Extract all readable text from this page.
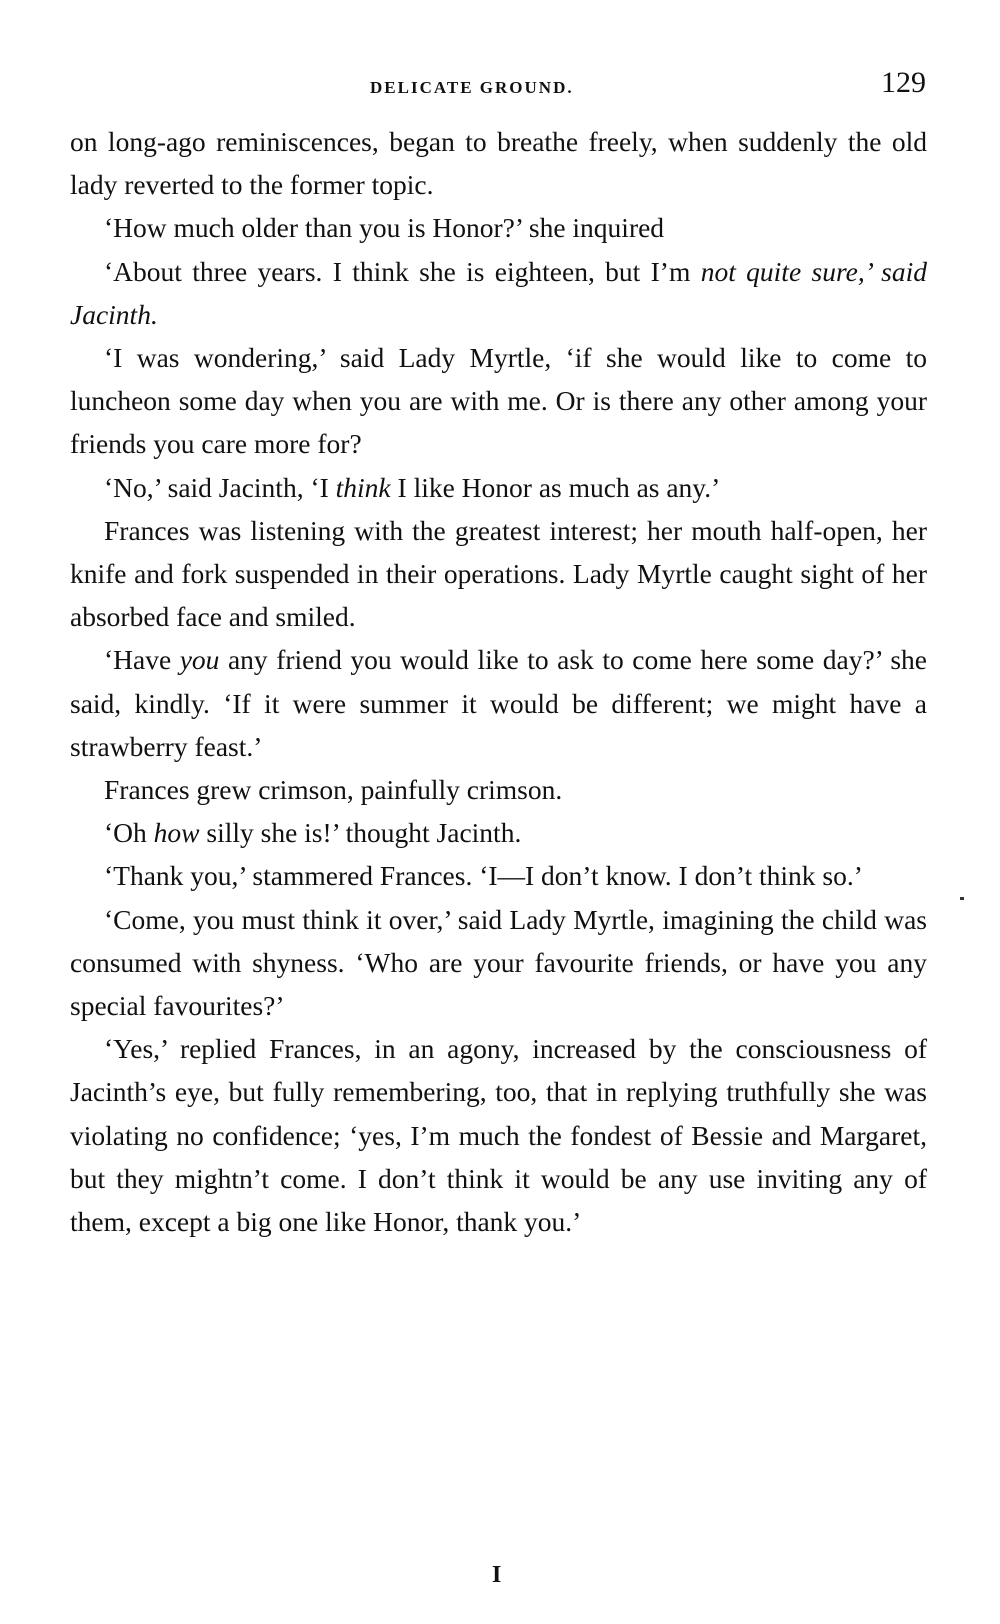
DELICATE GROUND.	129

on long-ago reminiscences, began to breathe freely, when suddenly the old lady reverted to the former topic.

‘How much older than you is Honor?’ she inquired

‘About three years. I think she is eighteen, but I’m not quite sure,’ said Jacinth.

‘I was wondering,’ said Lady Myrtle, ‘if she would like to come to luncheon some day when you are with me. Or is there any other among your friends you care more for?

‘No,’ said Jacinth, ‘I think I like Honor as much as any.’

Frances was listening with the greatest interest; her mouth half-open, her knife and fork suspended in their operations. Lady Myrtle caught sight of her absorbed face and smiled.

‘Have you any friend you would like to ask to come here some day?’ she said, kindly. ‘If it were summer it would be different; we might have a strawberry feast.’

Frances grew crimson, painfully crimson.

‘Oh how silly she is!’ thought Jacinth.

‘Thank you,’ stammered Frances. ‘I—I don’t know. I don’t think so.’

‘Come, you must think it over,’ said Lady Myrtle, imagining the child was consumed with shyness. ‘Who are your favourite friends, or have you any special favourites?’

‘Yes,’ replied Frances, in an agony, increased by the consciousness of Jacinth’s eye, but fully remembering, too, that in replying truthfully she was violating no confidence; ‘yes, I’m much the fondest of Bessie and Margaret, but they mightn’t come. I don’t think it would be any use inviting any of them, except a big one like Honor, thank you.’

I
